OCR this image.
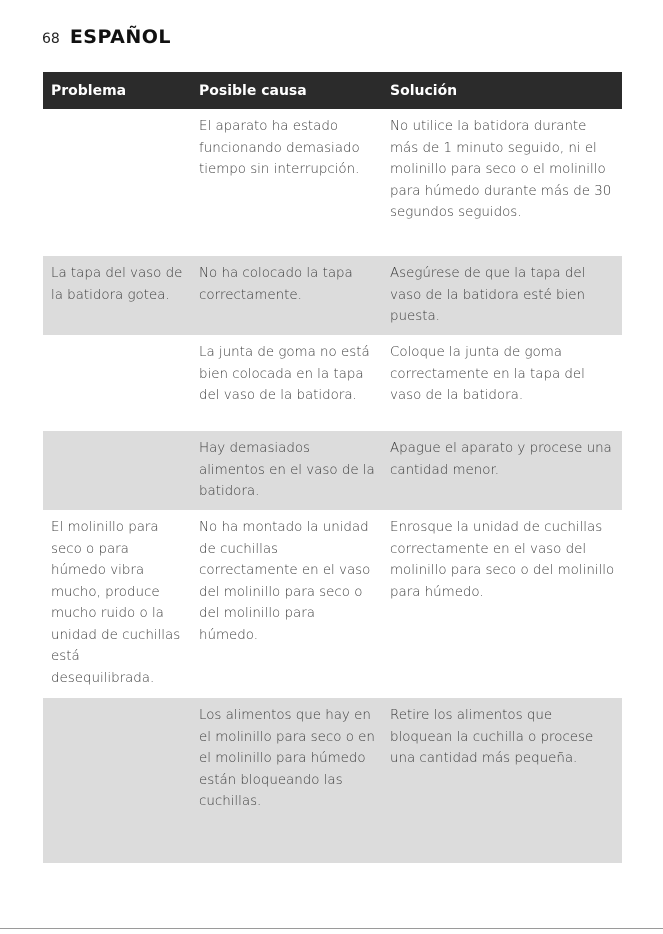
68 ESPAÑOL
Problema	Posible causa	Solución
	El aparato ha estado funcionando demasiado tiempo sin interrupción.	No utilice la batidora durante más de 1 minuto seguido, ni el molinillo para seco o el molinillo para húmedo durante más de 30 segundos seguidos.
La tapa del vaso de la batidora gotea.	No ha colocado la tapa correctamente.	Asegúrese de que la tapa del vaso de la batidora esté bien puesta.
	La junta de goma no está bien colocada en la tapa del vaso de la batidora.	Coloque la junta de goma correctamente en la tapa del vaso de la batidora.
	Hay demasiados alimentos en el vaso de la batidora.	Apague el aparato y procese una cantidad menor.
El molinillo para seco o para húmedo vibra mucho, produce mucho ruido o la unidad de cuchillas está desequilibrada.	No ha montado la unidad de cuchillas correctamente en el vaso del molinillo para seco o del molinillo para húmedo.	Enrosque la unidad de cuchillas correctamente en el vaso del molinillo para seco o del molinillo para húmedo.
	Los alimentos que hay en el molinillo para seco o en el molinillo para húmedo están bloqueando las cuchillas.	Retire los alimentos que bloquean la cuchilla o procese una cantidad más pequeña.
